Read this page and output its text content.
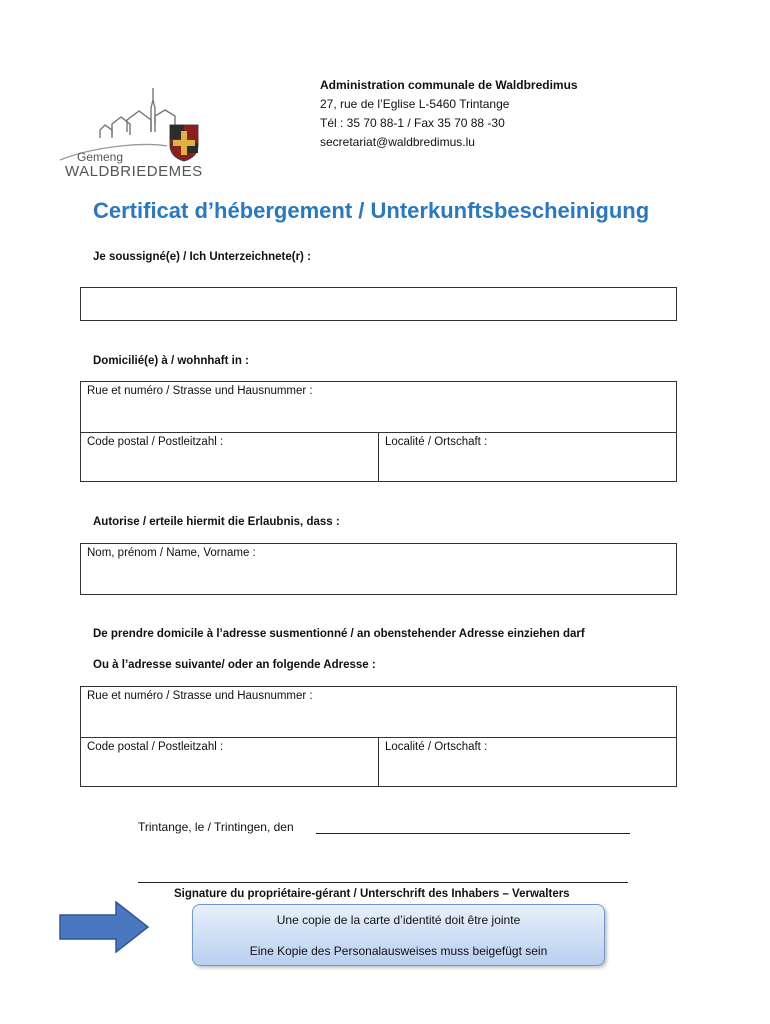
Gemeng
WALDBRIEDEMES
Administration communale de Waldbredimus
27, rue de l’Eglise L-5460 Trintange
Tél : 35 70 88-1 / Fax 35 70 88 -30
secretariat@waldbredimus.lu
Certificat d’hébergement / Unterkunftsbescheinigung
Je soussigné(e) / Ich Unterzeichnete(r) :
Domicilié(e) à / wohnhaft in :
Rue et numéro / Strasse und Hausnummer :
Code postal / Postleitzahl :	Localité / Ortschaft :
Autorise / erteile hiermit die Erlaubnis, dass :
Nom, prénom / Name, Vorname :
De prendre domicile à l’adresse susmentionné / an obenstehender Adresse einziehen darf
Ou à l’adresse suivante/ oder an folgende Adresse :
Rue et numéro / Strasse und Hausnummer :
Code postal / Postleitzahl :	Localité / Ortschaft :
Trintange, le / Trintingen, den
Signature du propriétaire-gérant / Unterschrift des Inhabers – Verwalters
Une copie de la carte d’identité doit être jointe
Eine Kopie des Personalausweises muss beigefügt sein
